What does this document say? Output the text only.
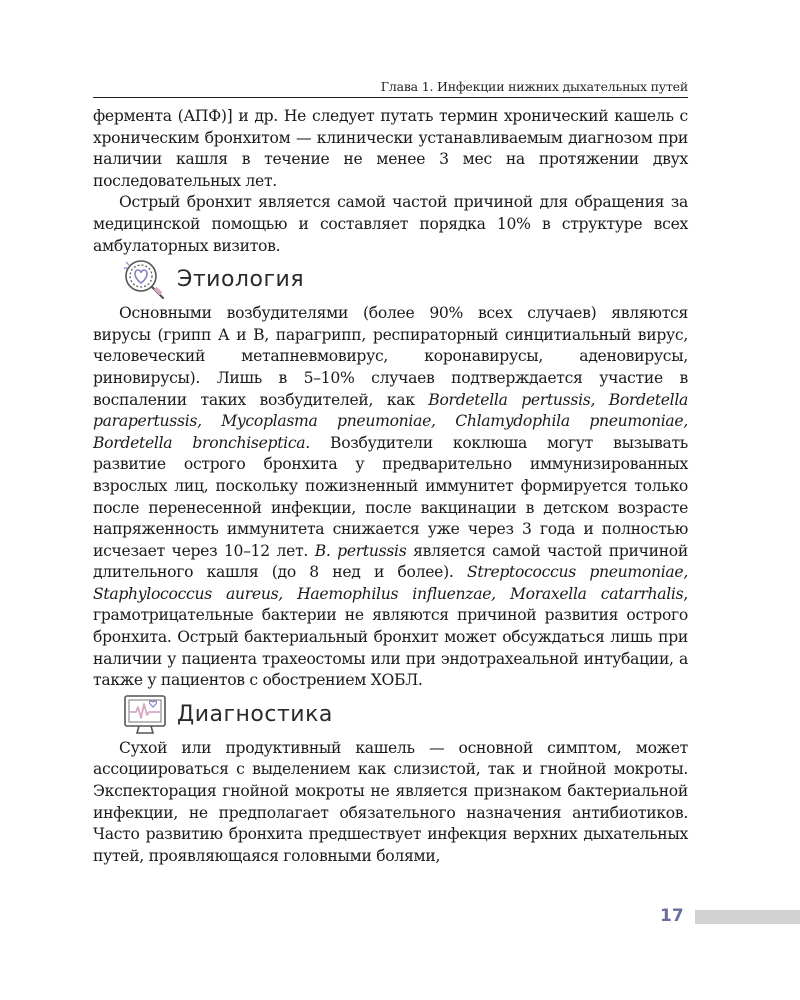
Глава 1. Инфекции нижних дыхательных путей

фермента (АПФ)] и др. Не следует путать термин хронический кашель с хроническим бронхитом — клинически устанавливаемым диагнозом при наличии кашля в течение не менее 3 мес на протяжении двух последовательных лет.

Острый бронхит является самой частой причиной для обращения за медицинской помощью и составляет порядка 10% в структуре всех амбулаторных визитов.

Этиология

Основными возбудителями (более 90% всех случаев) являются вирусы (грипп А и В, парагрипп, респираторный синцитиальный вирус, человеческий метапневмовирус, коронавирусы, аденовирусы, риновирусы). Лишь в 5–10% случаев подтверждается участие в воспалении таких возбудителей, как Bordetella pertussis, Bordetella parapertussis, Mycoplasma pneumoniae, Chlamydophila pneumoniae, Bordetella bronchiseptica. Возбудители коклюша могут вызывать развитие острого бронхита у предварительно иммунизированных взрослых лиц, поскольку пожизненный иммунитет формируется только после перенесенной инфекции, после вакцинации в детском возрасте напряженность иммунитета снижается уже через 3 года и полностью исчезает через 10–12 лет. B. pertussis является самой частой причиной длительного кашля (до 8 нед и более). Streptococcus pneumoniae, Staphylococcus aureus, Haemophilus influenzae, Moraxella catarrhalis, грамотрицательные бактерии не являются причиной развития острого бронхита. Острый бактериальный бронхит может обсуждаться лишь при наличии у пациента трахеостомы или при эндотрахеальной интубации, а также у пациентов с обострением ХОБЛ.

Диагностика

Сухой или продуктивный кашель — основной симптом, может ассоциироваться с выделением как слизистой, так и гнойной мокроты. Экспекторация гнойной мокроты не является признаком бактериальной инфекции, не предполагает обязательного назначения антибиотиков. Часто развитию бронхита предшествует инфекция верхних дыхательных путей, проявляющаяся головными болями,

17
